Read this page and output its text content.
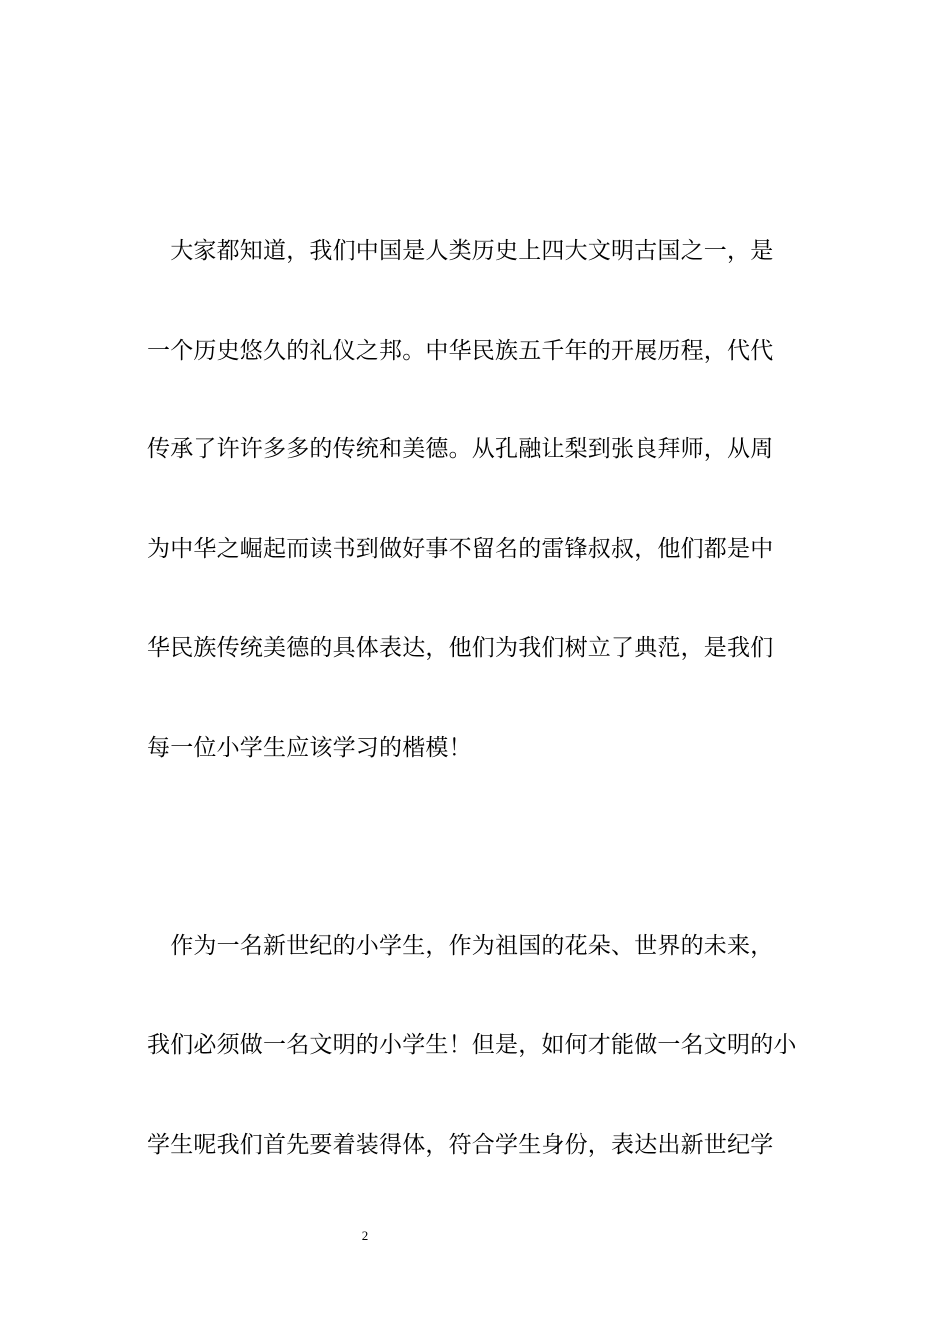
　大家都知道，我们中国是人类历史上四大文明古国之一，是
一个历史悠久的礼仪之邦。中华民族五千年的开展历程，代代
传承了许许多多的传统和美德。从孔融让梨到张良拜师，从周
为中华之崛起而读书到做好事不留名的雷锋叔叔，他们都是中
华民族传统美德的具体表达，他们为我们树立了典范，是我们
每一位小学生应该学习的楷模！
　作为一名新世纪的小学生，作为祖国的花朵、世界的未来，
我们必须做一名文明的小学生！但是，如何才能做一名文明的小
学生呢我们首先要着装得体，符合学生身份，表达出新世纪学
2
